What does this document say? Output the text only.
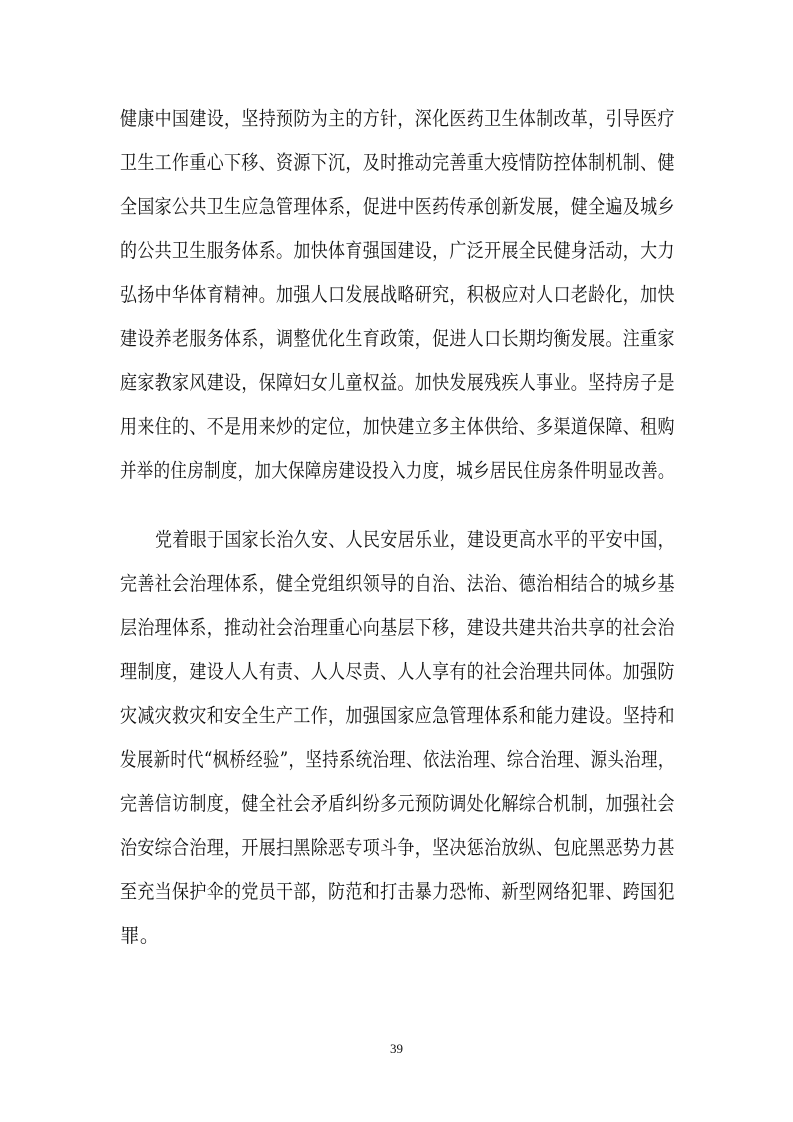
健康中国建设，坚持预防为主的方针，深化医药卫生体制改革，引导医疗
卫生工作重心下移、资源下沉，及时推动完善重大疫情防控体制机制、健
全国家公共卫生应急管理体系，促进中医药传承创新发展，健全遍及城乡
的公共卫生服务体系。加快体育强国建设，广泛开展全民健身活动，大力
弘扬中华体育精神。加强人口发展战略研究，积极应对人口老龄化，加快
建设养老服务体系，调整优化生育政策，促进人口长期均衡发展。注重家
庭家教家风建设，保障妇女儿童权益。加快发展残疾人事业。坚持房子是
用来住的、不是用来炒的定位，加快建立多主体供给、多渠道保障、租购
并举的住房制度，加大保障房建设投入力度，城乡居民住房条件明显改善。
党着眼于国家长治久安、人民安居乐业，建设更高水平的平安中国，
完善社会治理体系，健全党组织领导的自治、法治、德治相结合的城乡基
层治理体系，推动社会治理重心向基层下移，建设共建共治共享的社会治
理制度，建设人人有责、人人尽责、人人享有的社会治理共同体。加强防
灾减灾救灾和安全生产工作，加强国家应急管理体系和能力建设。坚持和
发展新时代“枫桥经验”，坚持系统治理、依法治理、综合治理、源头治理，
完善信访制度，健全社会矛盾纠纷多元预防调处化解综合机制，加强社会
治安综合治理，开展扫黑除恶专项斗争，坚决惩治放纵、包庇黑恶势力甚
至充当保护伞的党员干部，防范和打击暴力恐怖、新型网络犯罪、跨国犯
罪。
39
